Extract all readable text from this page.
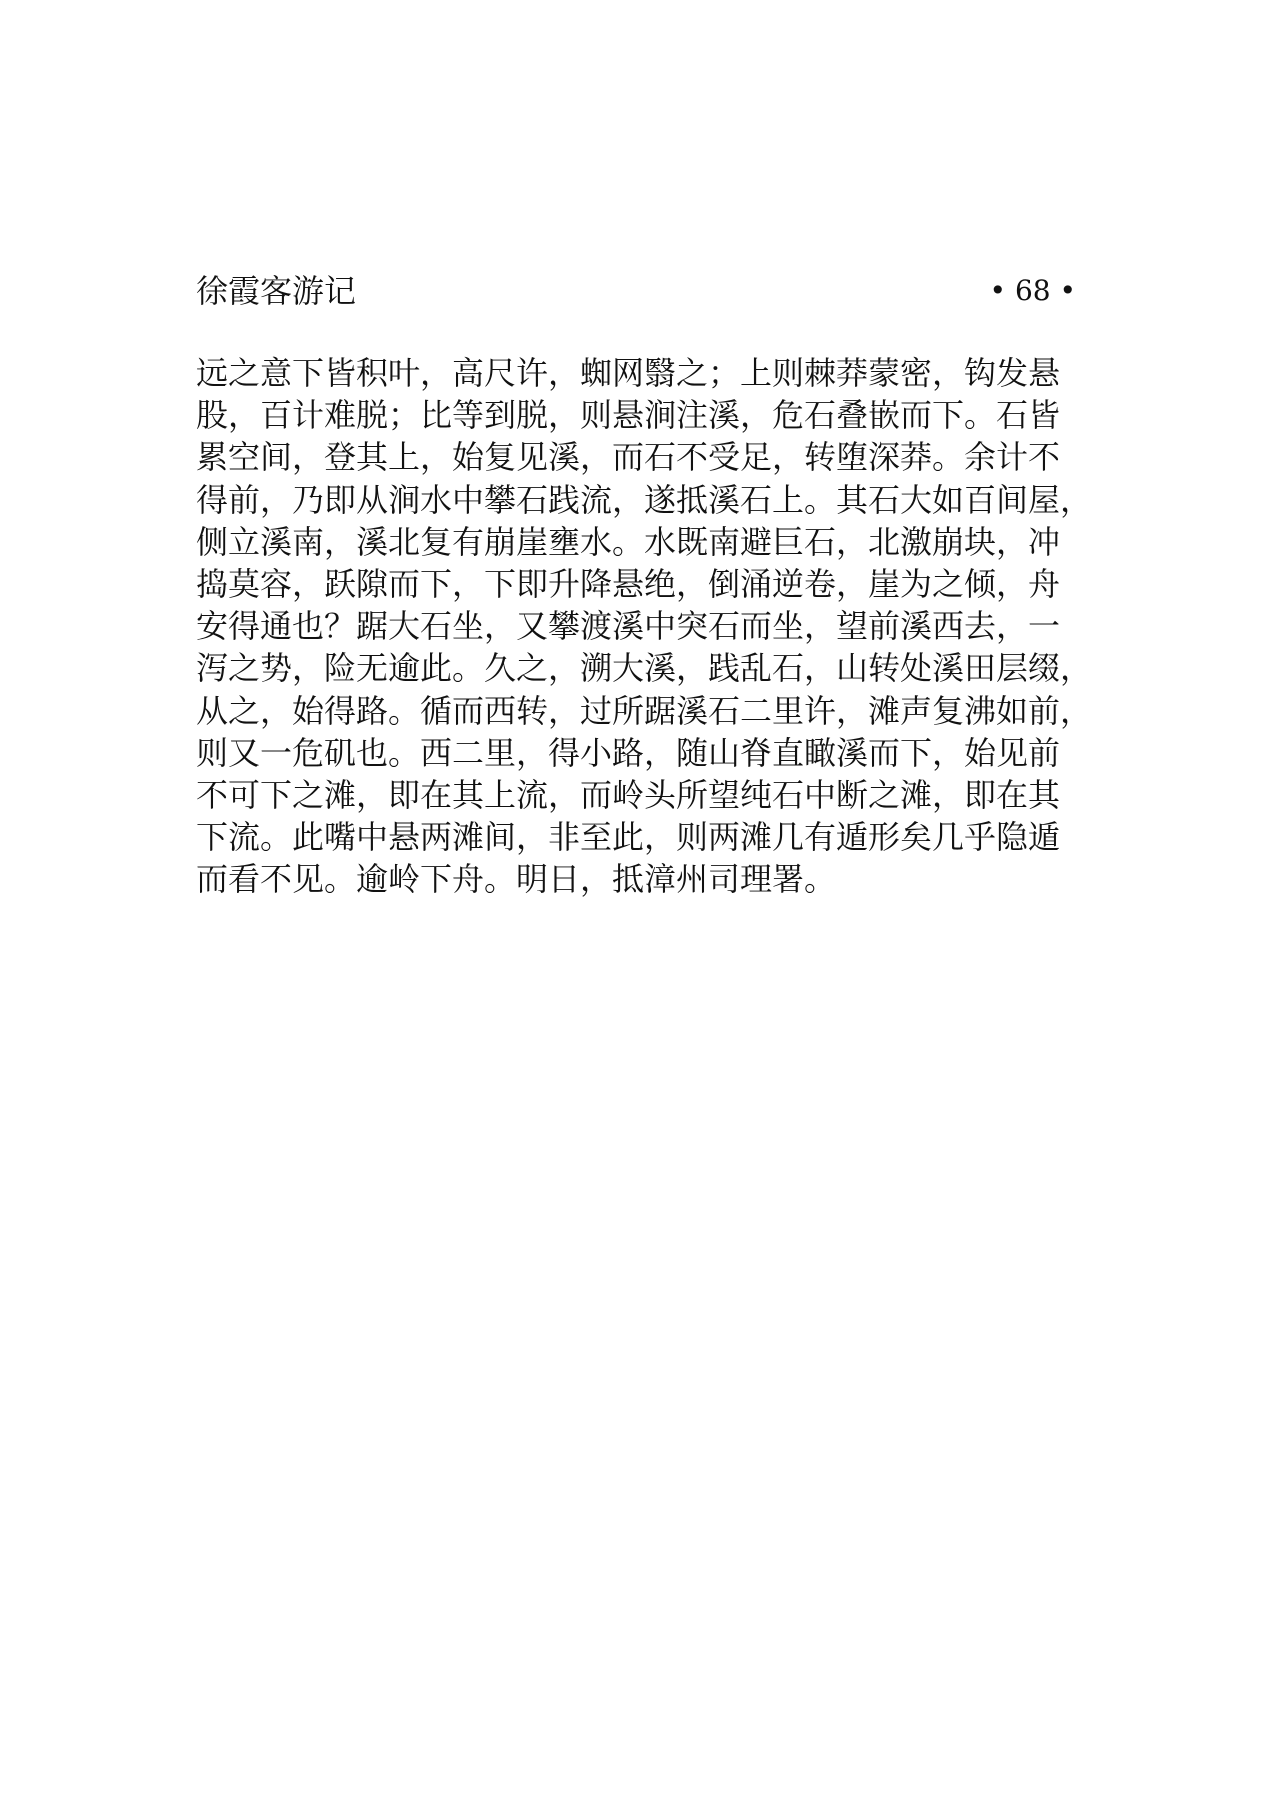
徐霞客游记	• 68 •
远之意下皆积叶，高尺许，蜘网翳之；上则棘莽蒙密，钩发悬
股，百计难脱；比等到脱，则悬涧注溪，危石叠嵌而下。石皆
累空间，登其上，始复见溪，而石不受足，转堕深莽。余计不
得前，乃即从涧水中攀石践流，遂抵溪石上。其石大如百间屋，
侧立溪南，溪北复有崩崖壅水。水既南避巨石，北激崩块，冲
捣莫容，跃隙而下，下即升降悬绝，倒涌逆卷，崖为之倾，舟
安得通也？踞大石坐，又攀渡溪中突石而坐，望前溪西去，一
泻之势，险无逾此。久之，溯大溪，践乱石，山转处溪田层缀，
从之，始得路。循而西转，过所踞溪石二里许，滩声复沸如前，
则又一危矶也。西二里，得小路，随山脊直瞰溪而下，始见前
不可下之滩，即在其上流，而岭头所望纯石中断之滩，即在其
下流。此嘴中悬两滩间，非至此，则两滩几有遁形矣几乎隐遁
而看不见。逾岭下舟。明日，抵漳州司理署。
